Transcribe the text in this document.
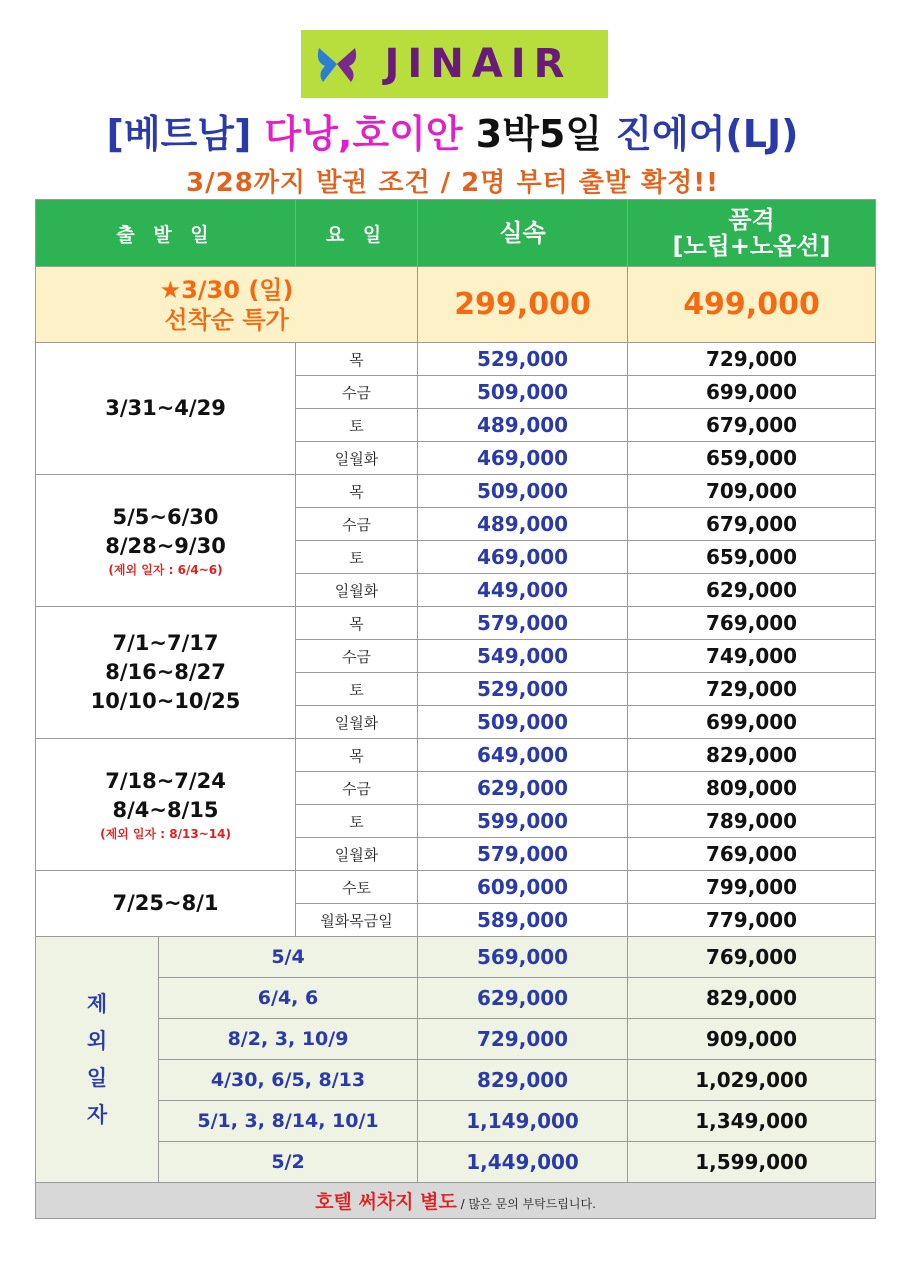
JINAIR
[베트남] 다낭,호이안 3박5일 진에어(LJ)
3/28까지 발권 조건 / 2명 부터 출발 확정!!
출 발 일		요 일	실속	품격
[노팁+노옵션]

★3/30 (일)
선착순 특가			299,000	499,000

3/31~4/29		목	529,000	729,000
		수금	509,000	699,000
		토	489,000	679,000
		일월화	469,000	659,000

5/5~6/30
8/28~9/30
(제외 일자 : 6/4~6)		목	509,000	709,000
		수금	489,000	679,000
		토	469,000	659,000
		일월화	449,000	629,000

7/1~7/17
8/16~8/27
10/10~10/25		목	579,000	769,000
		수금	549,000	749,000
		토	529,000	729,000
		일월화	509,000	699,000

7/18~7/24
8/4~8/15
(제외 일자 : 8/13~14)		목	649,000	829,000
		수금	629,000	809,000
		토	599,000	789,000
		일월화	579,000	769,000

7/25~8/1		수토	609,000	799,000
		월화목금일	589,000	779,000

제
외
일
자	5/4		569,000	769,000
	6/4, 6		629,000	829,000
	8/2, 3, 10/9		729,000	909,000
	4/30, 6/5, 8/13		829,000	1,029,000
	5/1, 3, 8/14, 10/1		1,149,000	1,349,000
	5/2		1,449,000	1,599,000
호텔 써차지 별도 / 많은 문의 부탁드립니다.				
